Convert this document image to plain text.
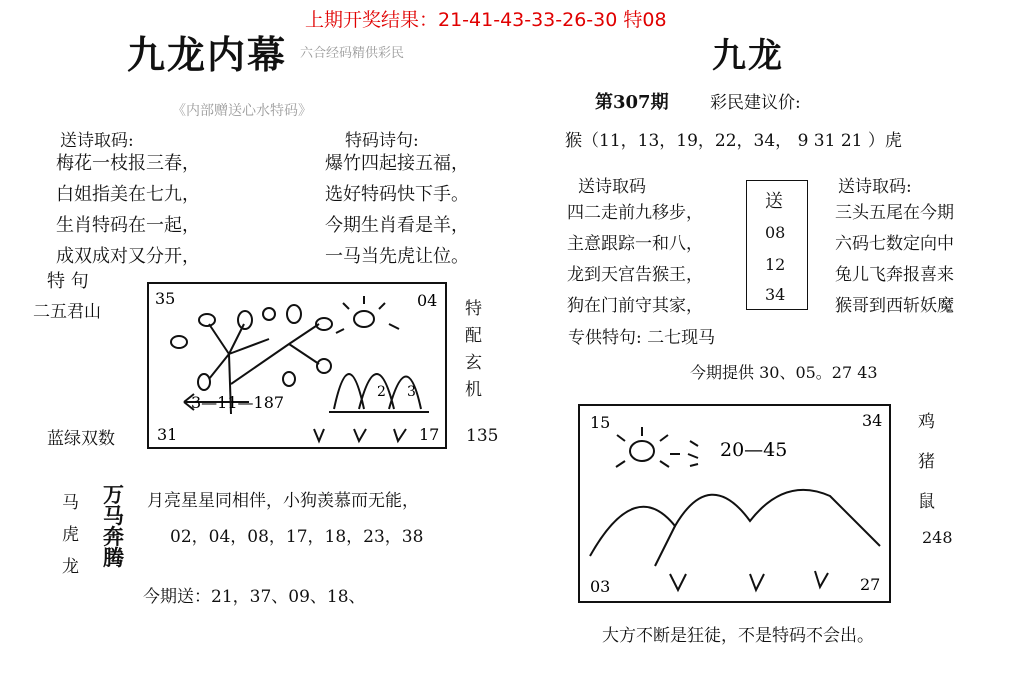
上期开奖结果：21-41-43-33-26-30 特08
九龙内幕 六合经码精供彩民
《内部赠送心水特码》
送诗取码:
梅花一枝报三春，
白姐指美在七九，
生肖特码在一起，
成双成对又分开，
特码诗句:
爆竹四起接五福，
选好特码快下手。
今期生肖看是羊，
一马当先虎让位。
特 句
二五君山
蓝绿双数
35	04
31	17
3—11—187
2 3
特
配
玄
机
135
马
虎
龙
万
马
奔
腾
月亮星星同相伴，小狗羡慕而无能，
02，04，08，17，18，23，38
今期送：21，37、09、18、
九龙
第307期 彩民建议价:
猴（11，13，19，22，34， 9 31 21 ）虎
送诗取码
四二走前九移步，
主意跟踪一和八，
龙到天宫告猴王，
狗在门前守其家，
送
08
12
34
送诗取码:
三头五尾在今期
六码七数定向中
兔儿飞奔报喜来
猴哥到西斩妖魔
专供特句: 二七现马
今期提供 30、05。27 43
15	34
03	27
20—45
鸡
猪
鼠
248
大方不断是狂徒，不是特码不会出。
